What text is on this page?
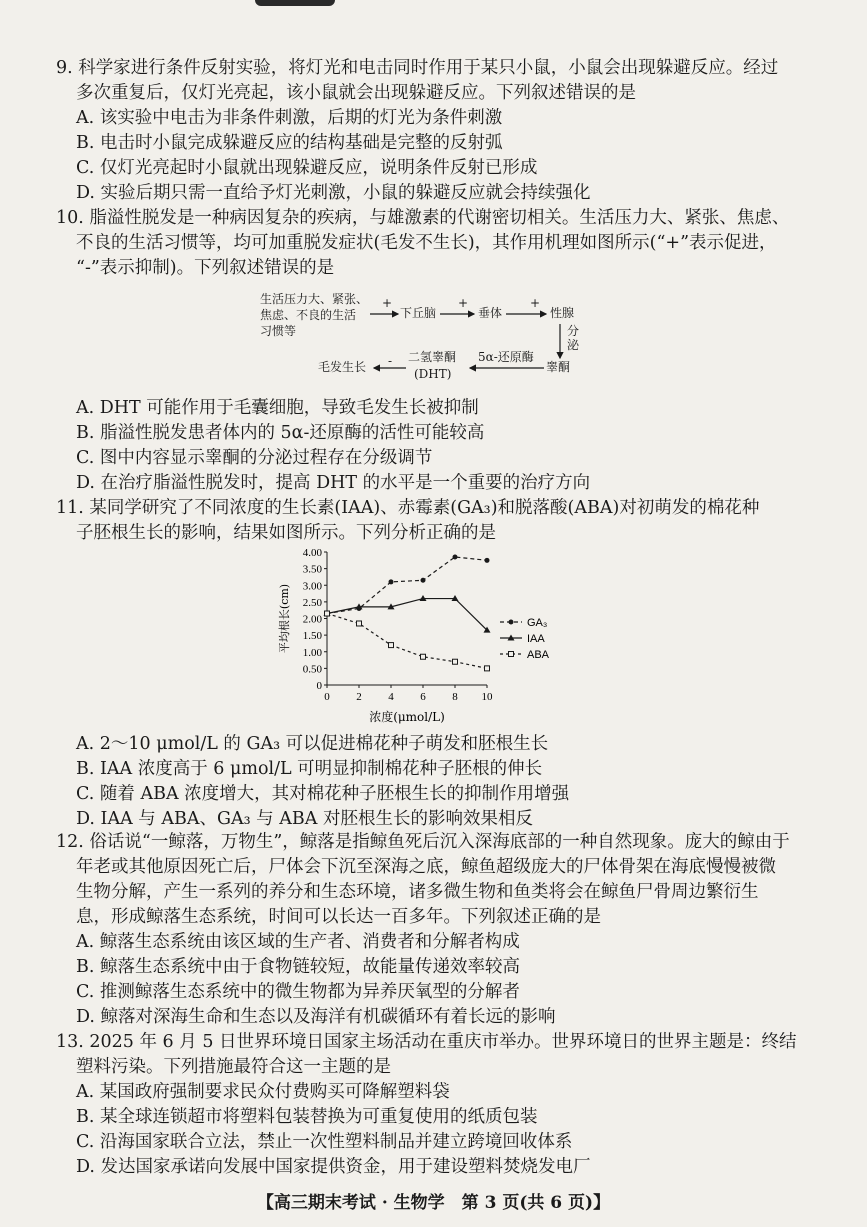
9. 科学家进行条件反射实验，将灯光和电击同时作用于某只小鼠，小鼠会出现躲避反应。经过
多次重复后，仅灯光亮起，该小鼠就会出现躲避反应。下列叙述错误的是
A. 该实验中电击为非条件刺激，后期的灯光为条件刺激
B. 电击时小鼠完成躲避反应的结构基础是完整的反射弧
C. 仅灯光亮起时小鼠就出现躲避反应，说明条件反射已形成
D. 实验后期只需一直给予灯光刺激，小鼠的躲避反应就会持续强化
10. 脂溢性脱发是一种病因复杂的疾病，与雄激素的代谢密切相关。生活压力大、紧张、焦虑、
不良的生活习惯等，均可加重脱发症状(毛发不生长)，其作用机理如图所示(“+”表示促进，
“-”表示抑制)。下列叙述错误的是
生活压力大、紧张、
焦虑、不良的生活
习惯等
下丘脑	垂体	性腺
分泌
睾酮
5α-还原酶
二氢睾酮
(DHT)
毛发生长
+	+	+
-
A. DHT 可能作用于毛囊细胞，导致毛发生长被抑制
B. 脂溢性脱发患者体内的 5α-还原酶的活性可能较高
C. 图中内容显示睾酮的分泌过程存在分级调节
D. 在治疗脂溢性脱发时，提高 DHT 的水平是一个重要的治疗方向
11. 某同学研究了不同浓度的生长素(IAA)、赤霉素(GA₃)和脱落酸(ABA)对初萌发的棉花种
子胚根生长的影响，结果如图所示。下列分析正确的是
0
0.50
1.00
1.50
2.00
2.50
3.00
3.50
4.00
0 2 4 6 8 10
浓度(μmol/L)
平均根长(cm)	GA₃
IAA
ABA
A. 2～10 μmol/L 的 GA₃ 可以促进棉花种子萌发和胚根生长
B. IAA 浓度高于 6 μmol/L 可明显抑制棉花种子胚根的伸长
C. 随着 ABA 浓度增大，其对棉花种子胚根生长的抑制作用增强
D. IAA 与 ABA、GA₃ 与 ABA 对胚根生长的影响效果相反
12. 俗话说“一鲸落，万物生”，鲸落是指鲸鱼死后沉入深海底部的一种自然现象。庞大的鲸由于
年老或其他原因死亡后，尸体会下沉至深海之底，鲸鱼超级庞大的尸体骨架在海底慢慢被微
生物分解，产生一系列的养分和生态环境，诸多微生物和鱼类将会在鲸鱼尸骨周边繁衍生
息，形成鲸落生态系统，时间可以长达一百多年。下列叙述正确的是
A. 鲸落生态系统由该区域的生产者、消费者和分解者构成
B. 鲸落生态系统中由于食物链较短，故能量传递效率较高
C. 推测鲸落生态系统中的微生物都为异养厌氧型的分解者
D. 鲸落对深海生命和生态以及海洋有机碳循环有着长远的影响
13. 2025 年 6 月 5 日世界环境日国家主场活动在重庆市举办。世界环境日的世界主题是：终结
塑料污染。下列措施最符合这一主题的是
A. 某国政府强制要求民众付费购买可降解塑料袋
B. 某全球连锁超市将塑料包装替换为可重复使用的纸质包装
C. 沿海国家联合立法，禁止一次性塑料制品并建立跨境回收体系
D. 发达国家承诺向发展中国家提供资金，用于建设塑料焚烧发电厂
【高三期末考试 · 生物学　第 3 页(共 6 页)】
